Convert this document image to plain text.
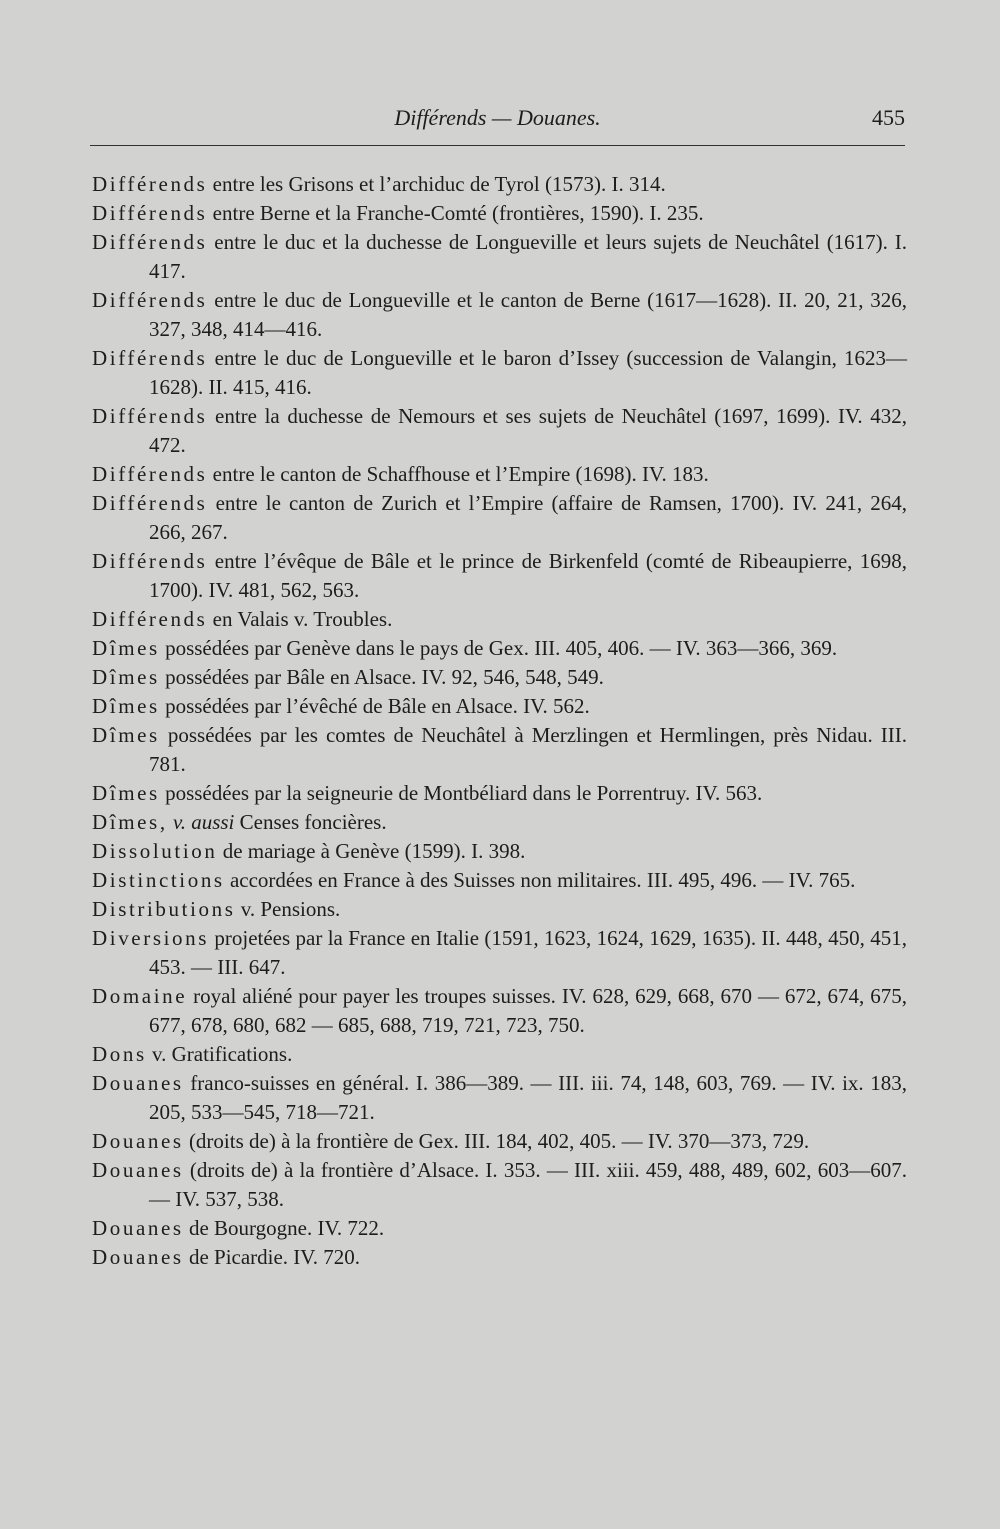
Différends — Douanes.	455
Différends entre les Grisons et l’archiduc de Tyrol (1573). I. 314.
Différends entre Berne et la Franche-Comté (frontières, 1590). I. 235.
Différends entre le duc et la duchesse de Longueville et leurs sujets de Neuchâtel (1617). I. 417.
Différends entre le duc de Longueville et le canton de Berne (1617—1628). II. 20, 21, 326, 327, 348, 414—416.
Différends entre le duc de Longueville et le baron d’Issey (succession de Valangin, 1623—1628). II. 415, 416.
Différends entre la duchesse de Nemours et ses sujets de Neuchâtel (1697, 1699). IV. 432, 472.
Différends entre le canton de Schaffhouse et l’Empire (1698). IV. 183.
Différends entre le canton de Zurich et l’Empire (affaire de Ramsen, 1700). IV. 241, 264, 266, 267.
Différends entre l’évêque de Bâle et le prince de Birkenfeld (comté de Ribeaupierre, 1698, 1700). IV. 481, 562, 563.
Différends en Valais v. Troubles.
Dîmes possédées par Genève dans le pays de Gex. III. 405, 406. — IV. 363—366, 369.
Dîmes possédées par Bâle en Alsace. IV. 92, 546, 548, 549.
Dîmes possédées par l’évêché de Bâle en Alsace. IV. 562.
Dîmes possédées par les comtes de Neuchâtel à Merzlingen et Hermlingen, près Nidau. III. 781.
Dîmes possédées par la seigneurie de Montbéliard dans le Porrentruy. IV. 563.
Dîmes, v. aussi Censes foncières.
Dissolution de mariage à Genève (1599). I. 398.
Distinctions accordées en France à des Suisses non militaires. III. 495, 496. — IV. 765.
Distributions v. Pensions.
Diversions projetées par la France en Italie (1591, 1623, 1624, 1629, 1635). II. 448, 450, 451, 453. — III. 647.
Domaine royal aliéné pour payer les troupes suisses. IV. 628, 629, 668, 670 — 672, 674, 675, 677, 678, 680, 682 — 685, 688, 719, 721, 723, 750.
Dons v. Gratifications.
Douanes franco-suisses en général. I. 386—389. — III. iii. 74, 148, 603, 769. — IV. ix. 183, 205, 533—545, 718—721.
Douanes (droits de) à la frontière de Gex. III. 184, 402, 405. — IV. 370—373, 729.
Douanes (droits de) à la frontière d’Alsace. I. 353. — III. xiii. 459, 488, 489, 602, 603—607. — IV. 537, 538.
Douanes de Bourgogne. IV. 722.
Douanes de Picardie. IV. 720.
